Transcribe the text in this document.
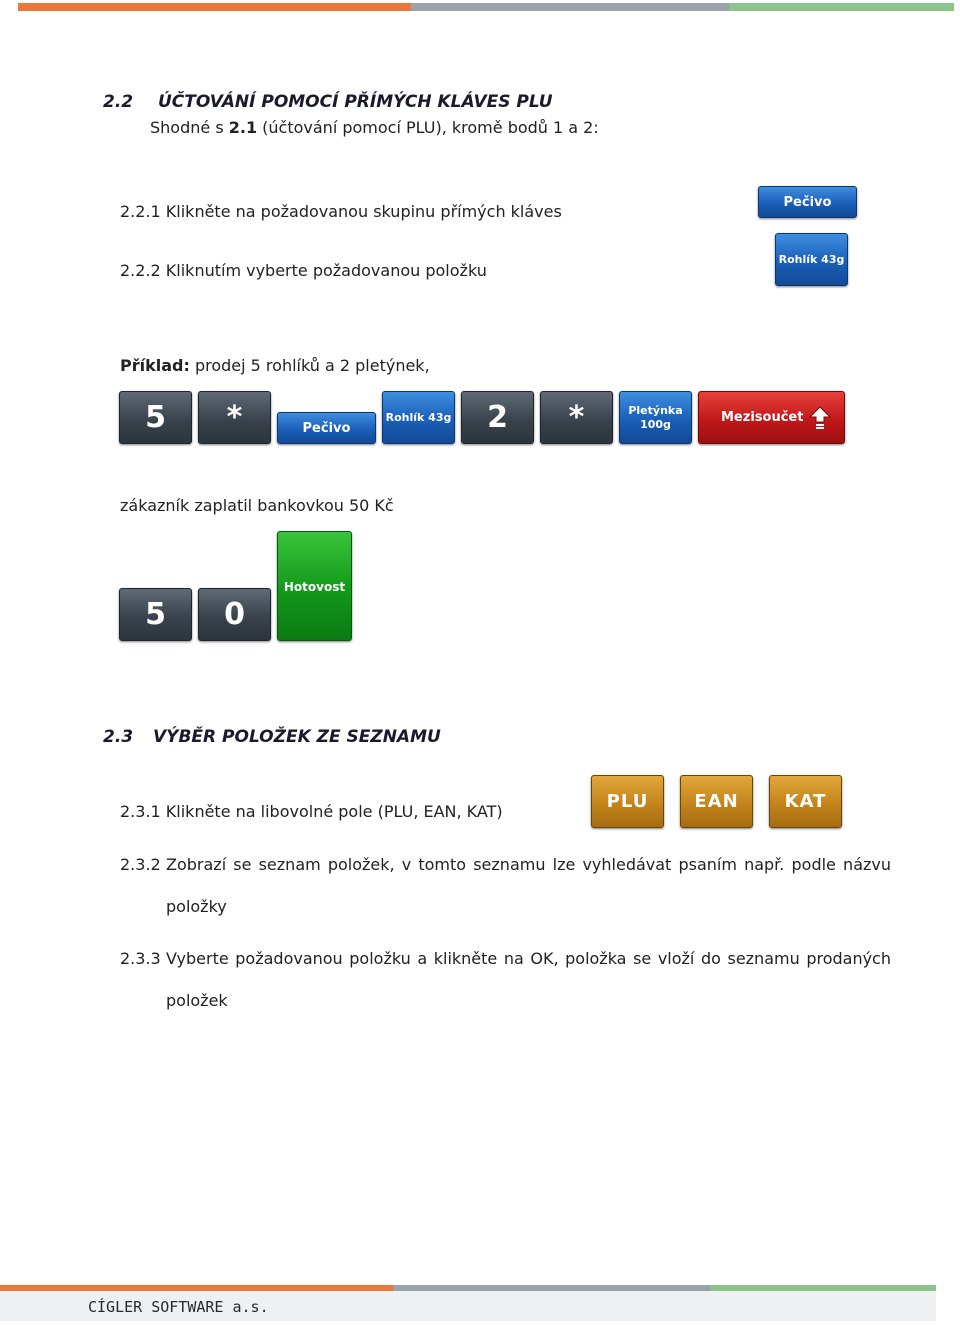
2.2 ÚČTOVÁNÍ POMOCÍ PŘÍMÝCH KLÁVES PLU
Shodné s 2.1 (účtování pomocí PLU), kromě bodů 1 a 2:
2.2.1 Klikněte na požadovanou skupinu přímých kláves
2.2.2 Kliknutím vyberte požadovanou položku
Pečivo
Rohlík 43g
Příklad: prodej 5 rohlíků a 2 pletýnek,
5	*	Pečivo
Rohlík 43g	2	*	Pletýnka
100g	Mezisoučet
zákazník zaplatil bankovkou 50 Kč
5	0
Hotovost
2.3 VÝBĚR POLOŽEK ZE SEZNAMU
2.3.1 Klikněte na libovolné pole (PLU, EAN, KAT)	PLU	EAN	KAT
2.3.2 Zobrazí se seznam položek, v tomto seznamu lze vyhledávat psaním např. podle názvu
položky
2.3.3 Vyberte požadovanou položku a klikněte na OK, položka se vloží do seznamu prodaných
položek
CÍGLER SOFTWARE a.s.
